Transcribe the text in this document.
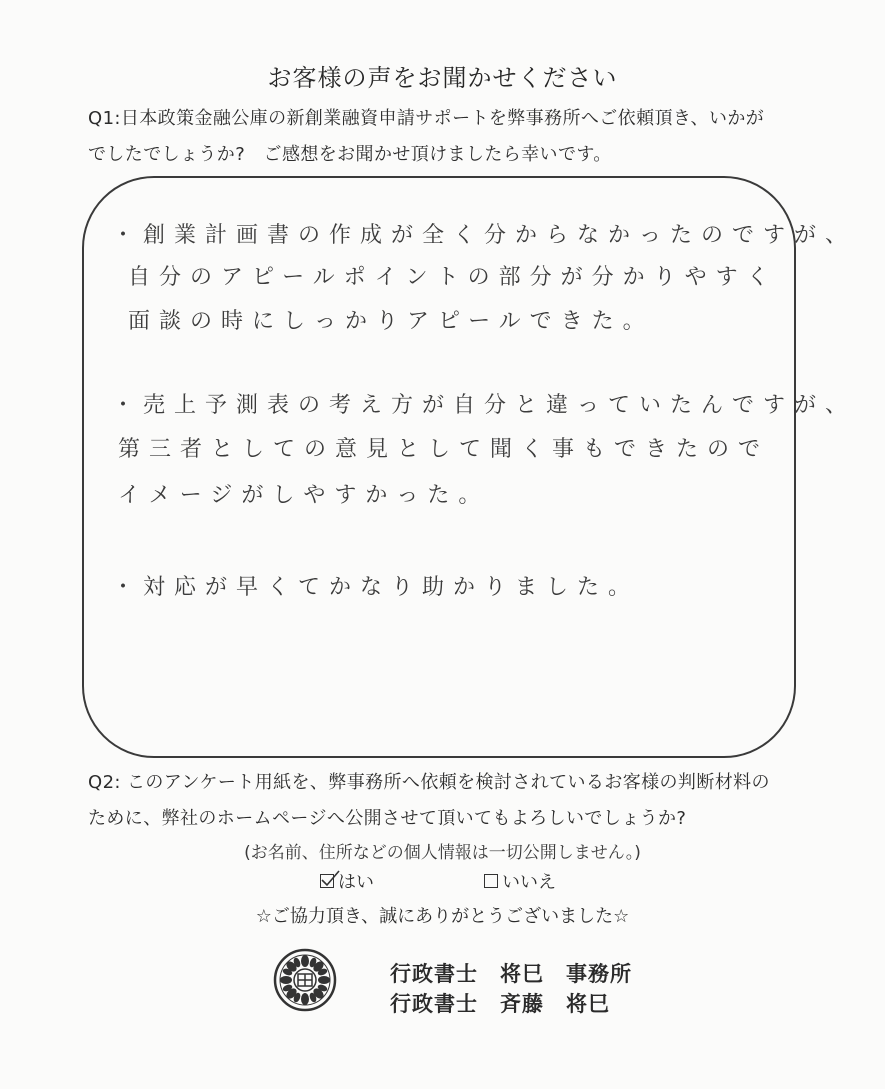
お客様の声をお聞かせください
Q1:日本政策金融公庫の新創業融資申請サポートを弊事務所へご依頼頂き、いかが
でしたでしょうか?　ご感想をお聞かせ頂けましたら幸いです。
・創業計画書の作成が全く分からなかったのですが、
自分のアピールポイントの部分が分かりやすく
面談の時にしっかりアピールできた。
・売上予測表の考え方が自分と違っていたんですが、
第三者としての意見として聞く事もできたので
イメージがしやすかった。
・対応が早くてかなり助かりました。
Q2: このアンケート用紙を、弊事務所へ依頼を検討されているお客様の判断材料の
ために、弊社のホームページへ公開させて頂いてもよろしいでしょうか?
(お名前、住所などの個人情報は一切公開しません。)
はい	いいえ
☆ご協力頂き、誠にありがとうございました☆
行政書士　将巳　事務所
行政書士　斉藤　将巳
